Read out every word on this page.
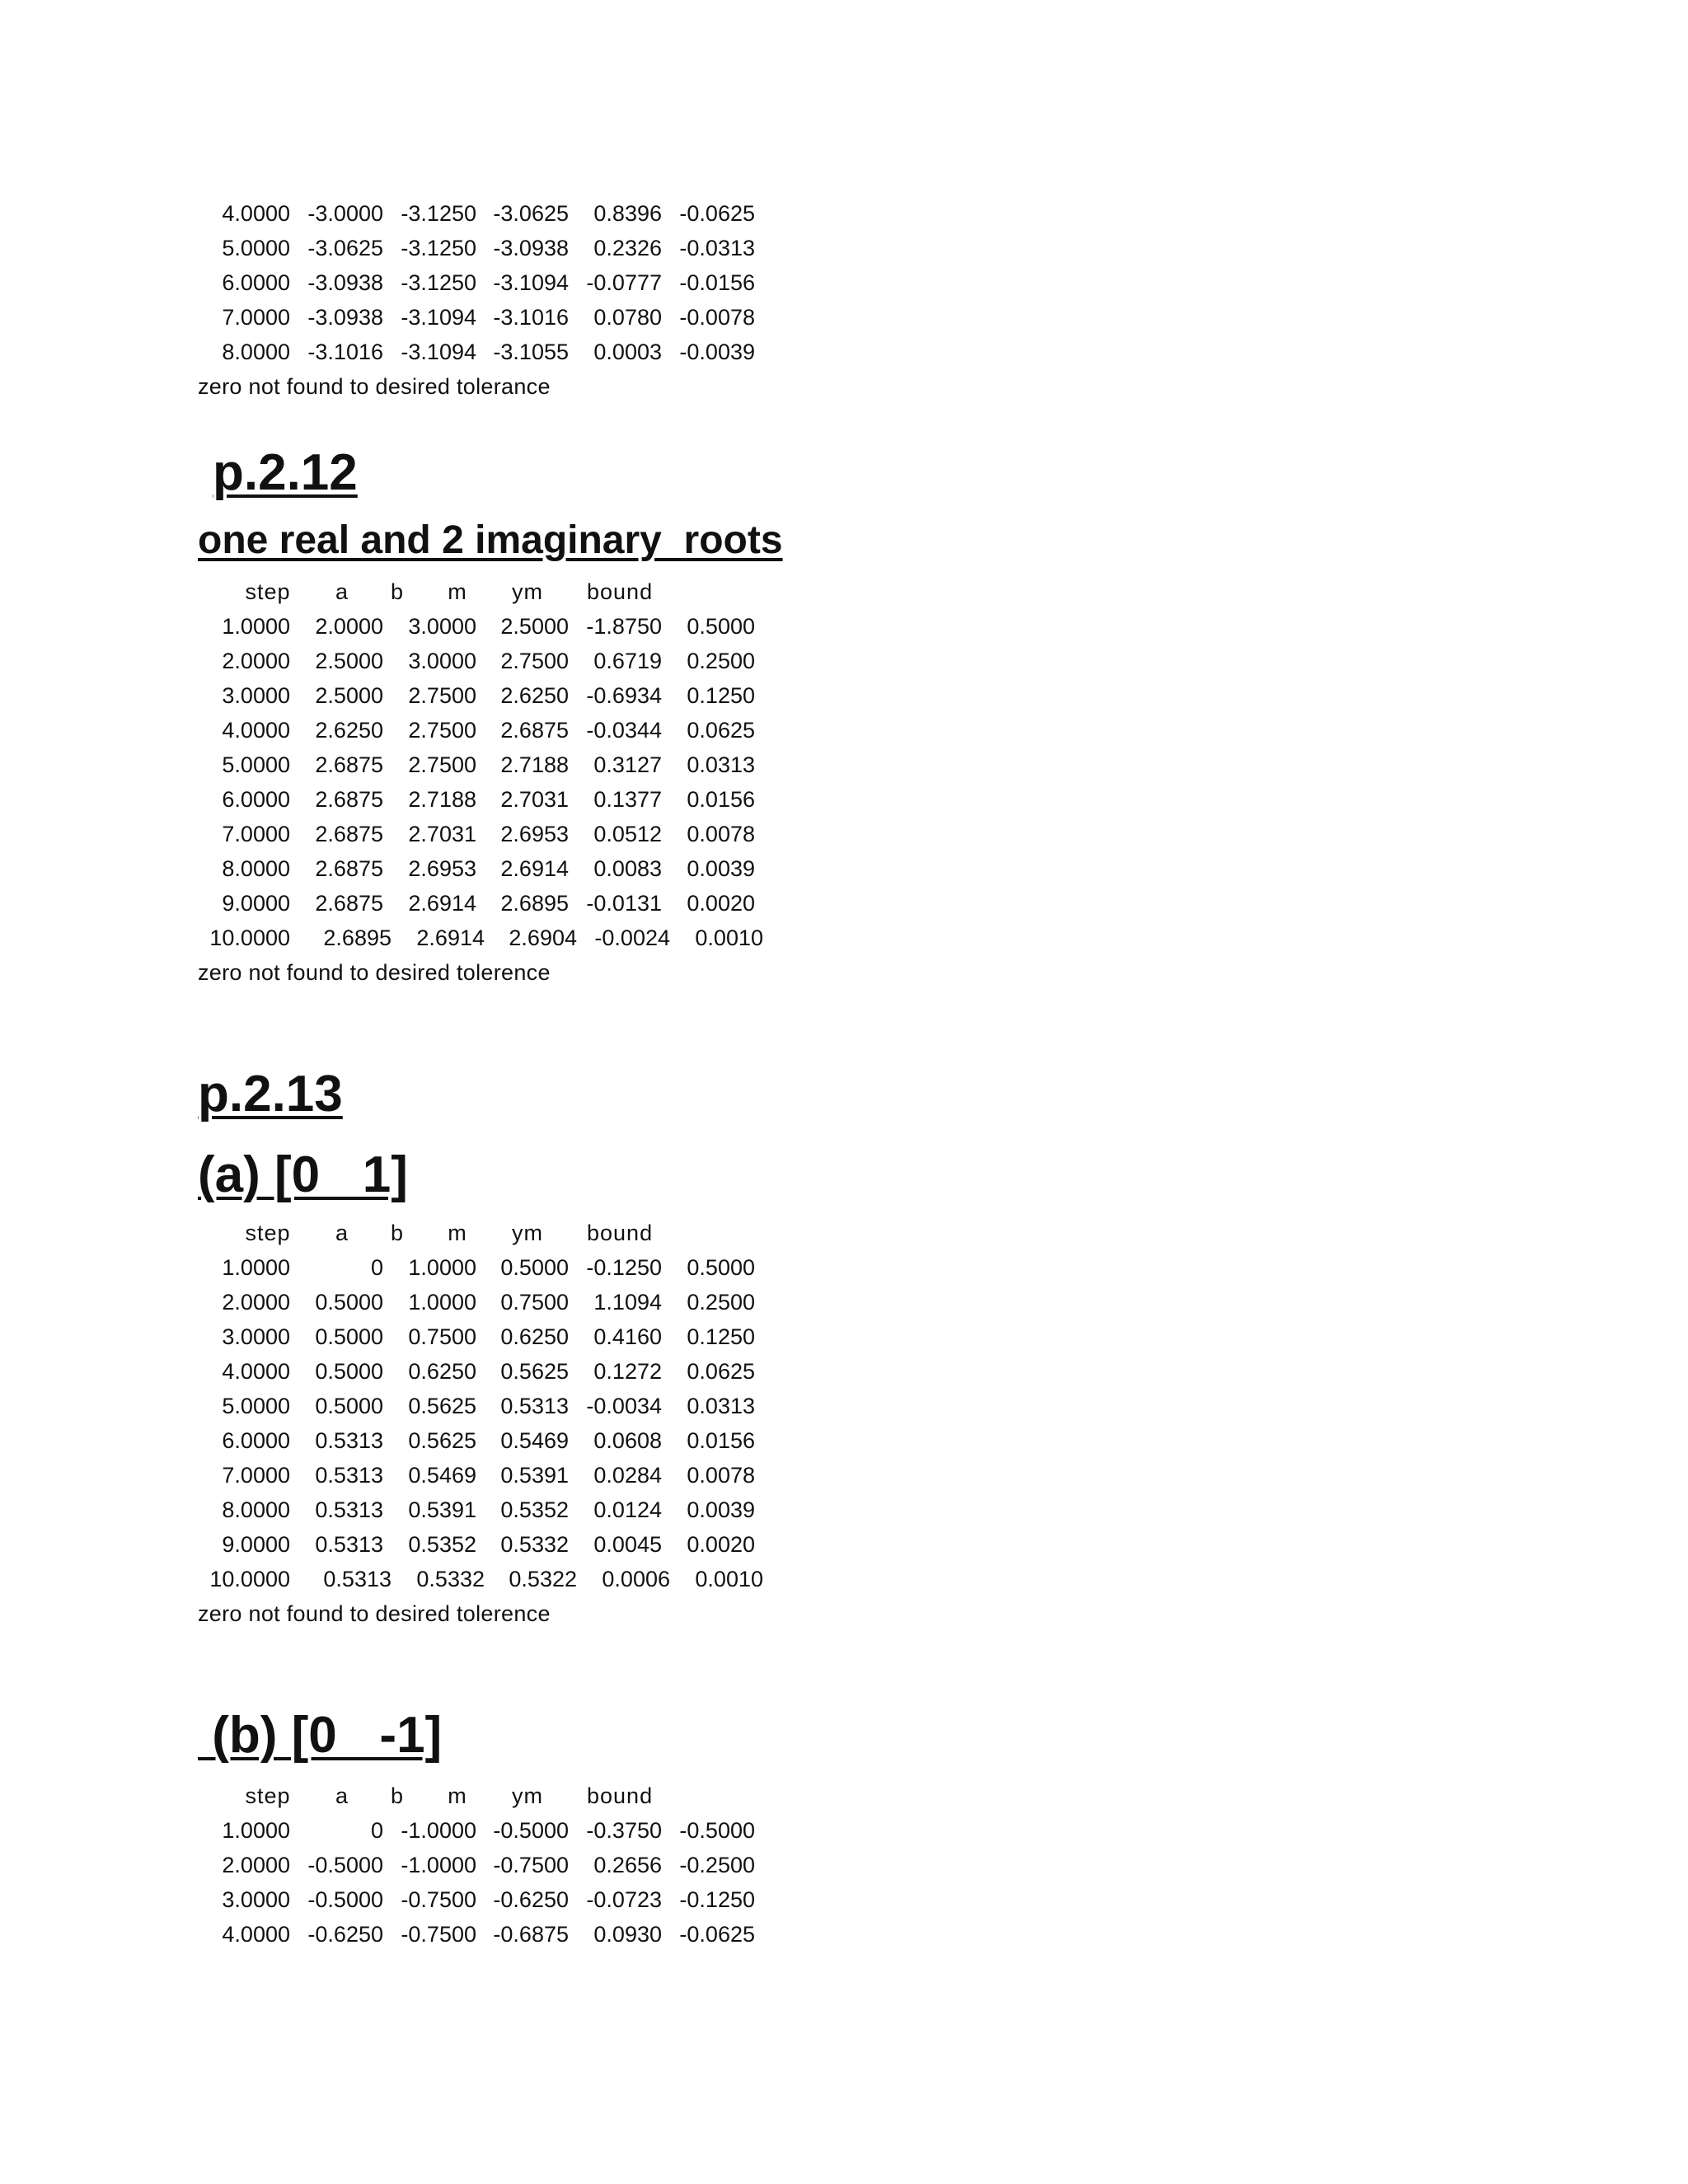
4.0000 -3.0000 -3.1250 -3.0625	0.8396 -0.0625
5.0000 -3.0625 -3.1250 -3.0938	0.2326 -0.0313
6.0000 -3.0938 -3.1250 -3.1094 -0.0777 -0.0156
7.0000 -3.0938 -3.1094 -3.1016	0.0780 -0.0078
8.0000 -3.1016 -3.1094 -3.1055	0.0003 -0.0039
zero not found to desired tolerance
p.2.12
one real and 2 imaginary  roots
step	a	b	m	ym	bound
1.0000	2.0000	3.0000	2.5000 -1.8750	0.5000
2.0000	2.5000	3.0000	2.7500	0.6719	0.2500
3.0000	2.5000	2.7500	2.6250 -0.6934	0.1250
4.0000	2.6250	2.7500	2.6875 -0.0344	0.0625
5.0000	2.6875	2.7500	2.7188	0.3127	0.0313
6.0000	2.6875	2.7188	2.7031	0.1377	0.0156
7.0000	2.6875	2.7031	2.6953	0.0512	0.0078
8.0000	2.6875	2.6953	2.6914	0.0083	0.0039
9.0000	2.6875	2.6914	2.6895 -0.0131	0.0020
10.0000	2.6895	2.6914	2.6904 -0.0024	0.0010
zero not found to desired tolerence
p.2.13
(a) [0   1]
step	a	b	m	ym	bound
1.0000	0	1.0000	0.5000 -0.1250	0.5000
2.0000	0.5000	1.0000	0.7500	1.1094	0.2500
3.0000	0.5000	0.7500	0.6250	0.4160	0.1250
4.0000	0.5000	0.6250	0.5625	0.1272	0.0625
5.0000	0.5000	0.5625	0.5313 -0.0034	0.0313
6.0000	0.5313	0.5625	0.5469	0.0608	0.0156
7.0000	0.5313	0.5469	0.5391	0.0284	0.0078
8.0000	0.5313	0.5391	0.5352	0.0124	0.0039
9.0000	0.5313	0.5352	0.5332	0.0045	0.0020
10.0000	0.5313	0.5332	0.5322	0.0006	0.0010
zero not found to desired tolerence
(b) [0   -1]
step	a	b	m	ym	bound
1.0000	0 -1.0000 -0.5000 -0.3750 -0.5000
2.0000 -0.5000 -1.0000 -0.7500	0.2656 -0.2500
3.0000 -0.5000 -0.7500 -0.6250 -0.0723 -0.1250
4.0000 -0.6250 -0.7500 -0.6875	0.0930 -0.0625
